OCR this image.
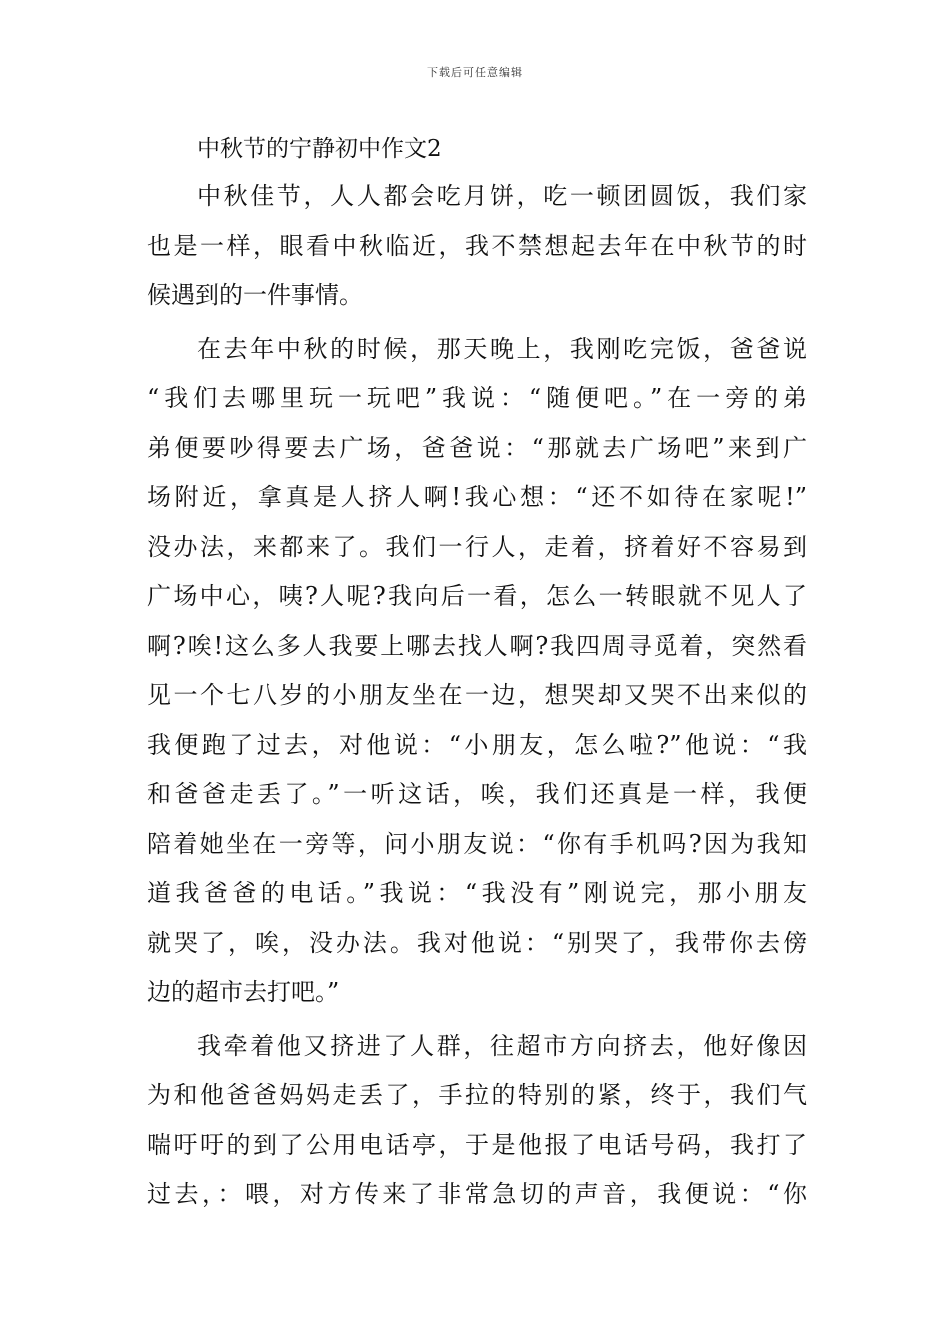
下载后可任意编辑
中秋节的宁静初中作文2
中秋佳节，人人都会吃月饼，吃一顿团圆饭，我们家
也是一样，眼看中秋临近，我不禁想起去年在中秋节的时
候遇到的一件事情。
在去年中秋的时候，那天晚上，我刚吃完饭，爸爸说
“我们去哪里玩一玩吧”我说：“随便吧。”在一旁的弟
弟便要吵得要去广场，爸爸说：“那就去广场吧”来到广
场附近，拿真是人挤人啊!我心想：“还不如待在家呢!”
没办法，来都来了。我们一行人，走着，挤着好不容易到
广场中心，咦?人呢?我向后一看，怎么一转眼就不见人了
啊?唉!这么多人我要上哪去找人啊?我四周寻觅着，突然看
见一个七八岁的小朋友坐在一边，想哭却又哭不出来似的
我便跑了过去，对他说：“小朋友，怎么啦?”他说：“我
和爸爸走丢了。”一听这话，唉，我们还真是一样，我便
陪着她坐在一旁等，问小朋友说：“你有手机吗?因为我知
道我爸爸的电话。”我说：“我没有”刚说完，那小朋友
就哭了，唉，没办法。我对他说：“别哭了，我带你去傍
边的超市去打吧。”
我牵着他又挤进了人群，往超市方向挤去，他好像因
为和他爸爸妈妈走丢了，手拉的特别的紧，终于，我们气
喘吁吁的到了公用电话亭，于是他报了电话号码，我打了
过去，：喂，对方传来了非常急切的声音，我便说：“你
